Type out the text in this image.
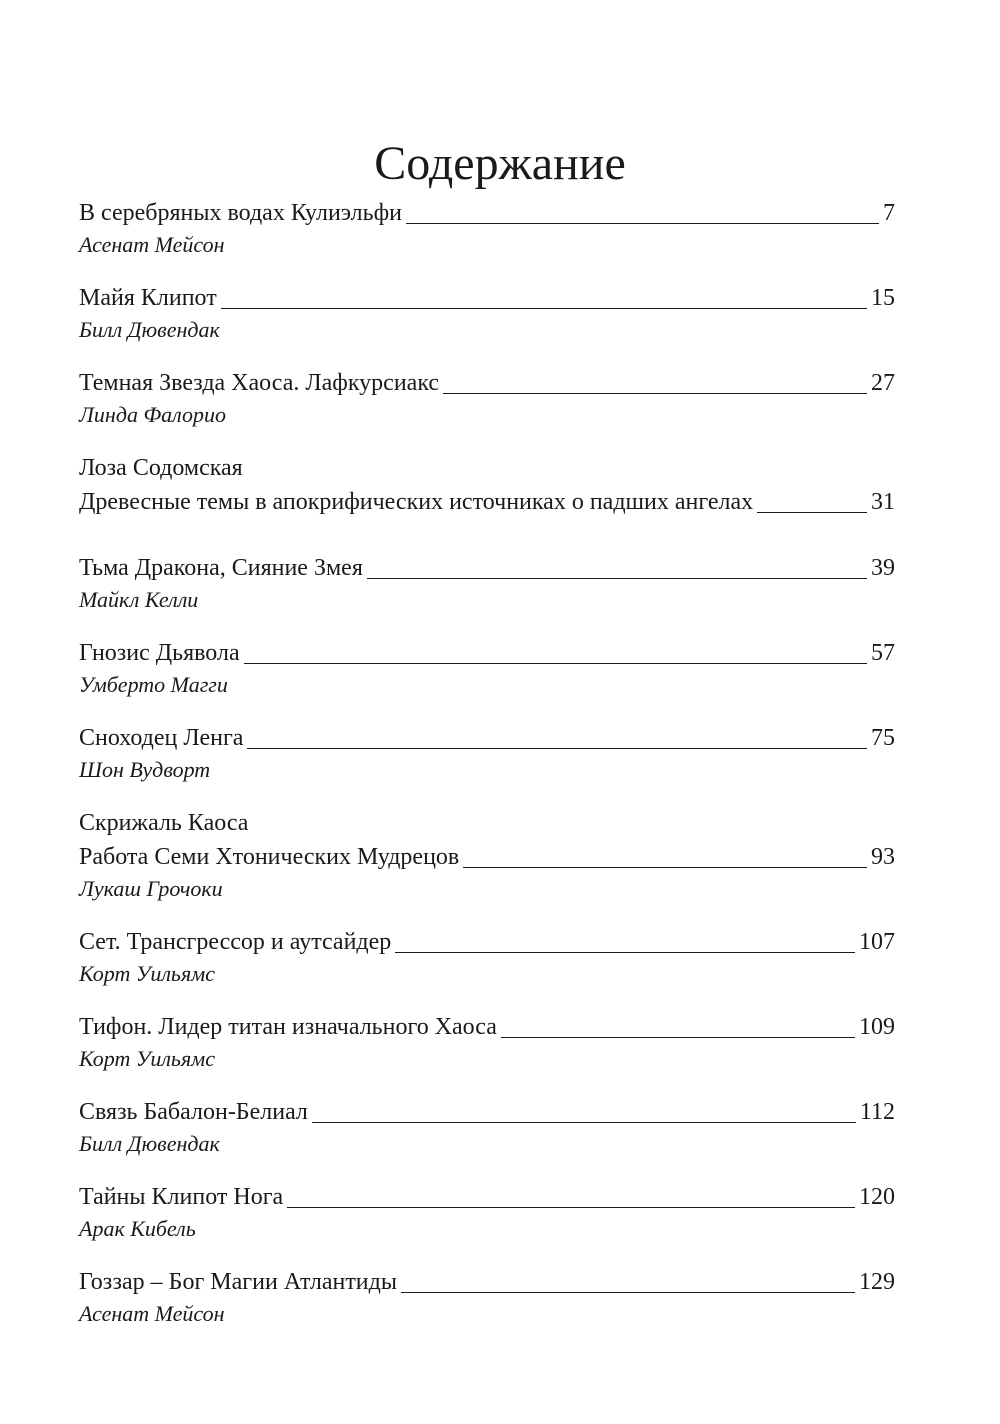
Содержание
В серебряных водах Кулиэльфи	7
Асенат Мейсон
Майя Клипот	15
Билл Дювендак
Темная Звезда Хаоса. Лафкурсиакс	27
Линда Фалорио
Лоза Содомская
Древесные темы в апокрифических источниках о падших ангелах	31
Тьма Дракона, Сияние Змея	39
Майкл Келли
Гнозис Дьявола	57
Умберто Магги
Сноходец Ленга	75
Шон Вудворт
Скрижаль Каоса
Работа Семи Хтонических Мудрецов	93
Лукаш Грочоки
Сет. Трансгрессор и аутсайдер	107
Корт Уильямс
Тифон. Лидер титан изначального Хаоса	109
Корт Уильямс
Связь Бабалон-Белиал	112
Билл Дювендак
Тайны Клипот Нога	120
Арак Кибель
Гоззар – Бог Магии Атлантиды	129
Асенат Мейсон
